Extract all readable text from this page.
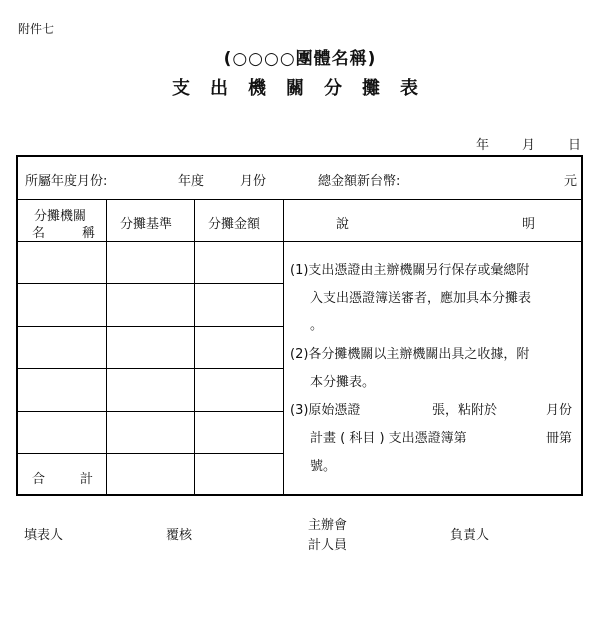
附件七
(○○○○團體名稱)
支出機關分攤表
年	月	日
所屬年度月份:	年度	月份	總金額新台幣:	元
分攤機關
名	稱
分攤基準	分攤金額	說	明
合	計
(1)支出憑證由主辦機關另行保存或彙總附
入支出憑證簿送審者，應加具本分攤表
。
(2)各分攤機關以主辦機關出具之收據，附
本分攤表。
(3)原始憑證	張，粘附於	月份
計畫 ( 科目 ) 支出憑證簿第	冊第
號。
填表人	覆核
主辦會
計人員
負責人
